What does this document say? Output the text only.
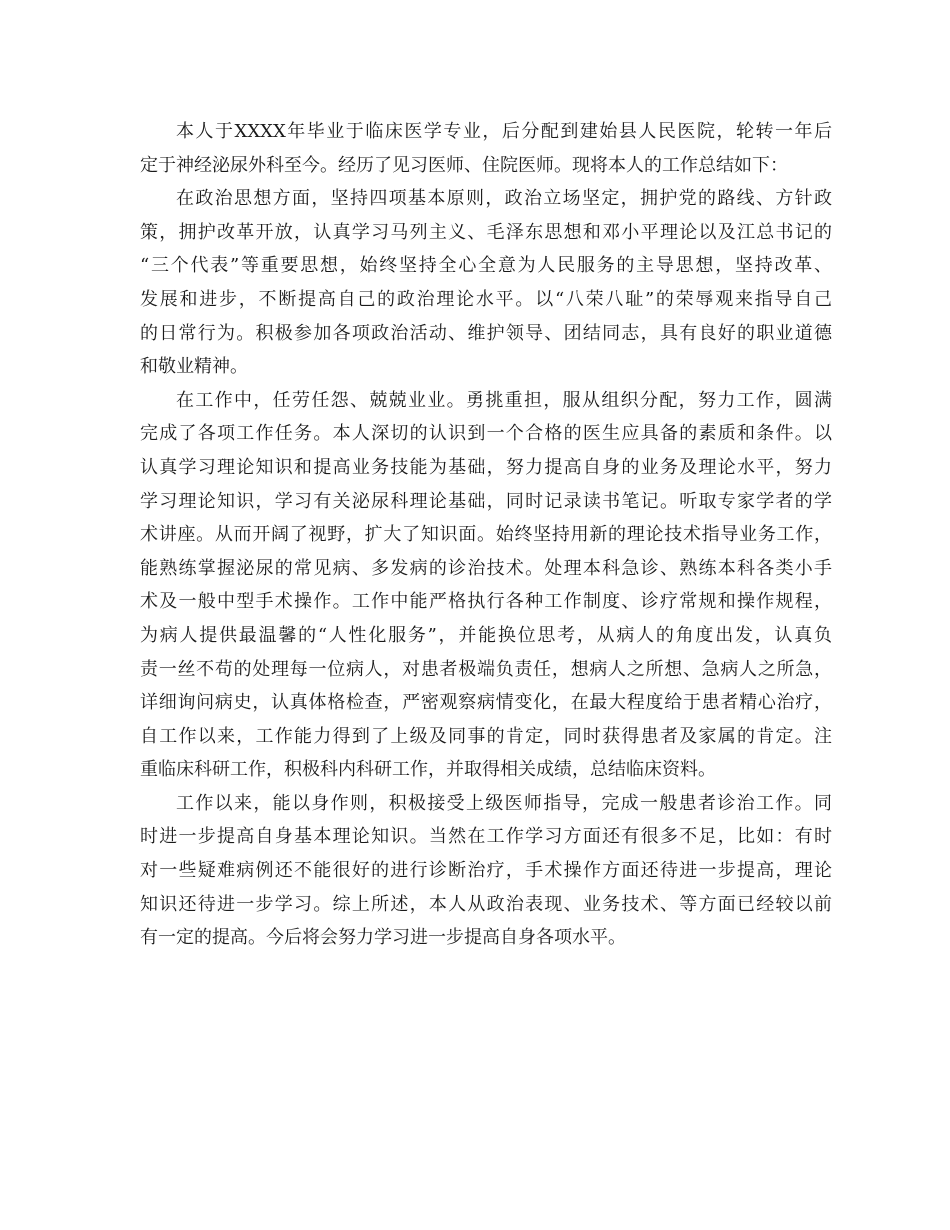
本人于XXXX年毕业于临床医学专业，后分配到建始县人民医院，轮转一年后
定于神经泌尿外科至今。经历了见习医师、住院医师。现将本人的工作总结如下：

在政治思想方面，坚持四项基本原则，政治立场坚定，拥护党的路线、方针政
策，拥护改革开放，认真学习马列主义、毛泽东思想和邓小平理论以及江总书记的
“三个代表”等重要思想，始终坚持全心全意为人民服务的主导思想，坚持改革、
发展和进步，不断提高自己的政治理论水平。以“八荣八耻”的荣辱观来指导自己
的日常行为。积极参加各项政治活动、维护领导、团结同志，具有良好的职业道德
和敬业精神。

在工作中，任劳任怨、兢兢业业。勇挑重担，服从组织分配，努力工作，圆满
完成了各项工作任务。本人深切的认识到一个合格的医生应具备的素质和条件。以
认真学习理论知识和提高业务技能为基础，努力提高自身的业务及理论水平，努力
学习理论知识，学习有关泌尿科理论基础，同时记录读书笔记。听取专家学者的学
术讲座。从而开阔了视野，扩大了知识面。始终坚持用新的理论技术指导业务工作，
能熟练掌握泌尿的常见病、多发病的诊治技术。处理本科急诊、熟练本科各类小手
术及一般中型手术操作。工作中能严格执行各种工作制度、诊疗常规和操作规程，
为病人提供最温馨的“人性化服务”，并能换位思考，从病人的角度出发，认真负
责一丝不苟的处理每一位病人，对患者极端负责任，想病人之所想、急病人之所急，
详细询问病史，认真体格检查，严密观察病情变化，在最大程度给于患者精心治疗，
自工作以来，工作能力得到了上级及同事的肯定，同时获得患者及家属的肯定。注
重临床科研工作，积极科内科研工作，并取得相关成绩，总结临床资料。

工作以来，能以身作则，积极接受上级医师指导，完成一般患者诊治工作。同
时进一步提高自身基本理论知识。当然在工作学习方面还有很多不足，比如：有时
对一些疑难病例还不能很好的进行诊断治疗，手术操作方面还待进一步提高，理论
知识还待进一步学习。综上所述，本人从政治表现、业务技术、等方面已经较以前
有一定的提高。今后将会努力学习进一步提高自身各项水平。
